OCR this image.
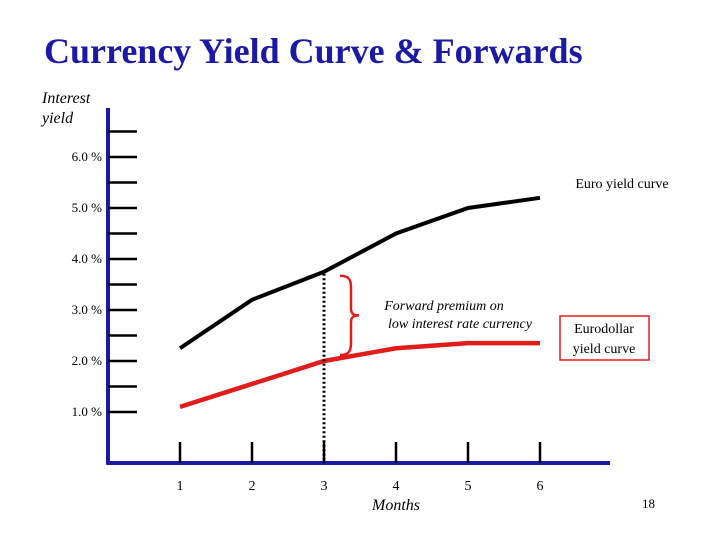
Currency Yield Curve & Forwards
Interest
yield
1.0 %
2.0 %
3.0 %
4.0 %
5.0 %
6.0 %
1	2	3	4	5	6
Months
Forward premium on
low interest rate currency
Euro yield curve
Eurodollar
yield curve
18
